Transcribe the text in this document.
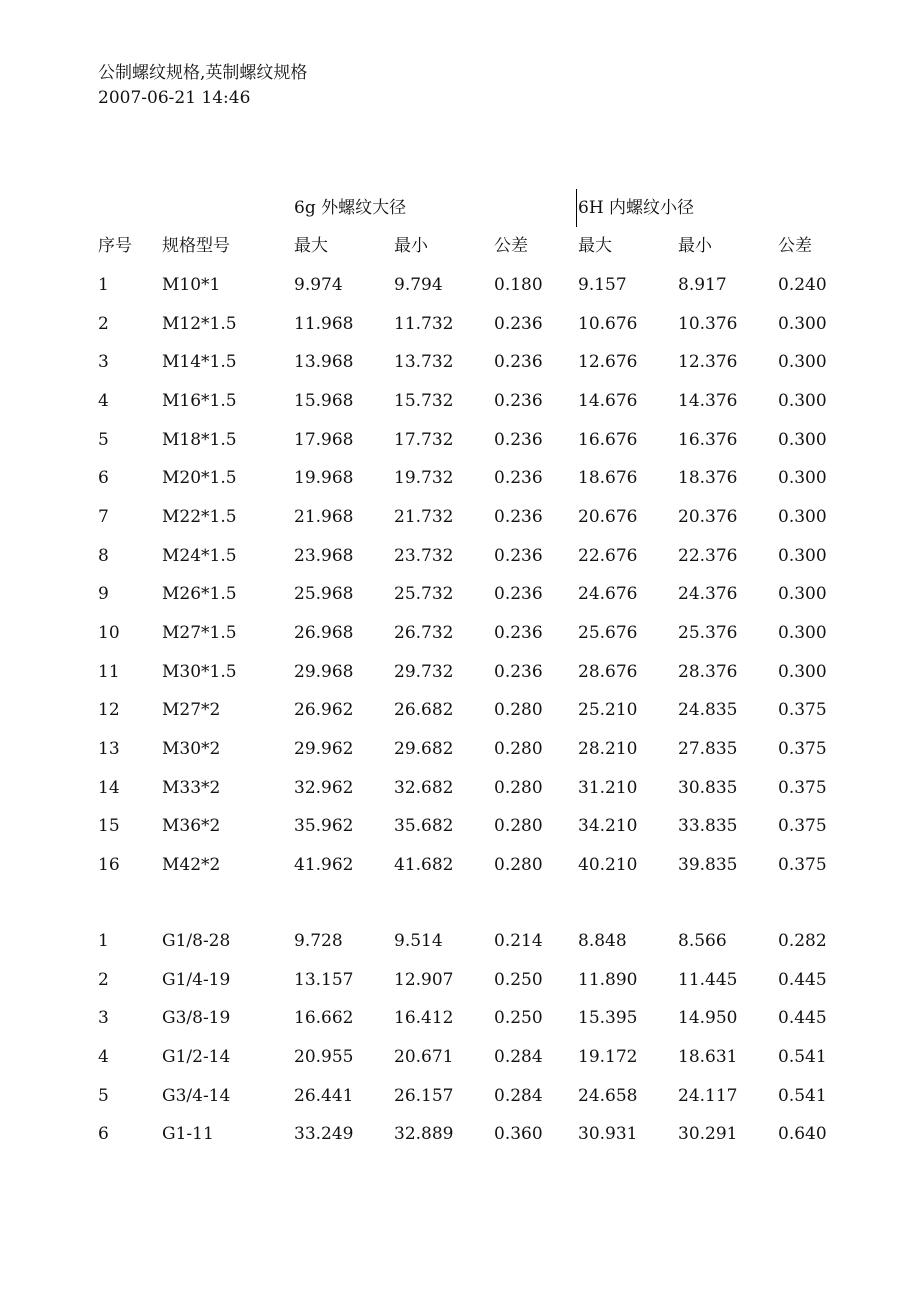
公制螺纹规格,英制螺纹规格
2007-06-21 14:46
6g 外螺纹大径	6H 内螺纹小径
序号 规格型号	最大	最小	公差	最大	最小	公差
1	M10*1	9.974	9.794	0.180 9.157	8.917	0.240
2	M12*1.5	11.968 11.732 0.236 10.676 10.376 0.300
3	M14*1.5	13.968 13.732 0.236 12.676 12.376 0.300
4	M16*1.5	15.968 15.732 0.236 14.676 14.376 0.300
5	M18*1.5	17.968 17.732 0.236 16.676 16.376 0.300
6	M20*1.5	19.968 19.732 0.236 18.676 18.376 0.300
7	M22*1.5	21.968 21.732 0.236 20.676 20.376 0.300
8	M24*1.5	23.968 23.732 0.236 22.676 22.376 0.300
9	M26*1.5	25.968 25.732 0.236 24.676 24.376 0.300
10 M27*1.5	26.968 26.732 0.236 25.676 25.376 0.300
11 M30*1.5	29.968 29.732 0.236 28.676 28.376 0.300
12 M27*2	26.962 26.682 0.280 25.210 24.835 0.375
13 M30*2	29.962 29.682 0.280 28.210 27.835 0.375
14 M33*2	32.962 32.682 0.280 31.210 30.835 0.375
15 M36*2	35.962 35.682 0.280 34.210 33.835 0.375
16 M42*2	41.962 41.682 0.280 40.210 39.835 0.375
1	G1/8-28	9.728	9.514	0.214 8.848	8.566	0.282
2	G1/4-19	13.157 12.907 0.250 11.890 11.445 0.445
3	G3/8-19	16.662 16.412 0.250 15.395 14.950 0.445
4	G1/2-14	20.955 20.671 0.284 19.172 18.631 0.541
5	G3/4-14	26.441 26.157 0.284 24.658 24.117 0.541
6	G1-11	33.249 32.889 0.360 30.931 30.291 0.640
